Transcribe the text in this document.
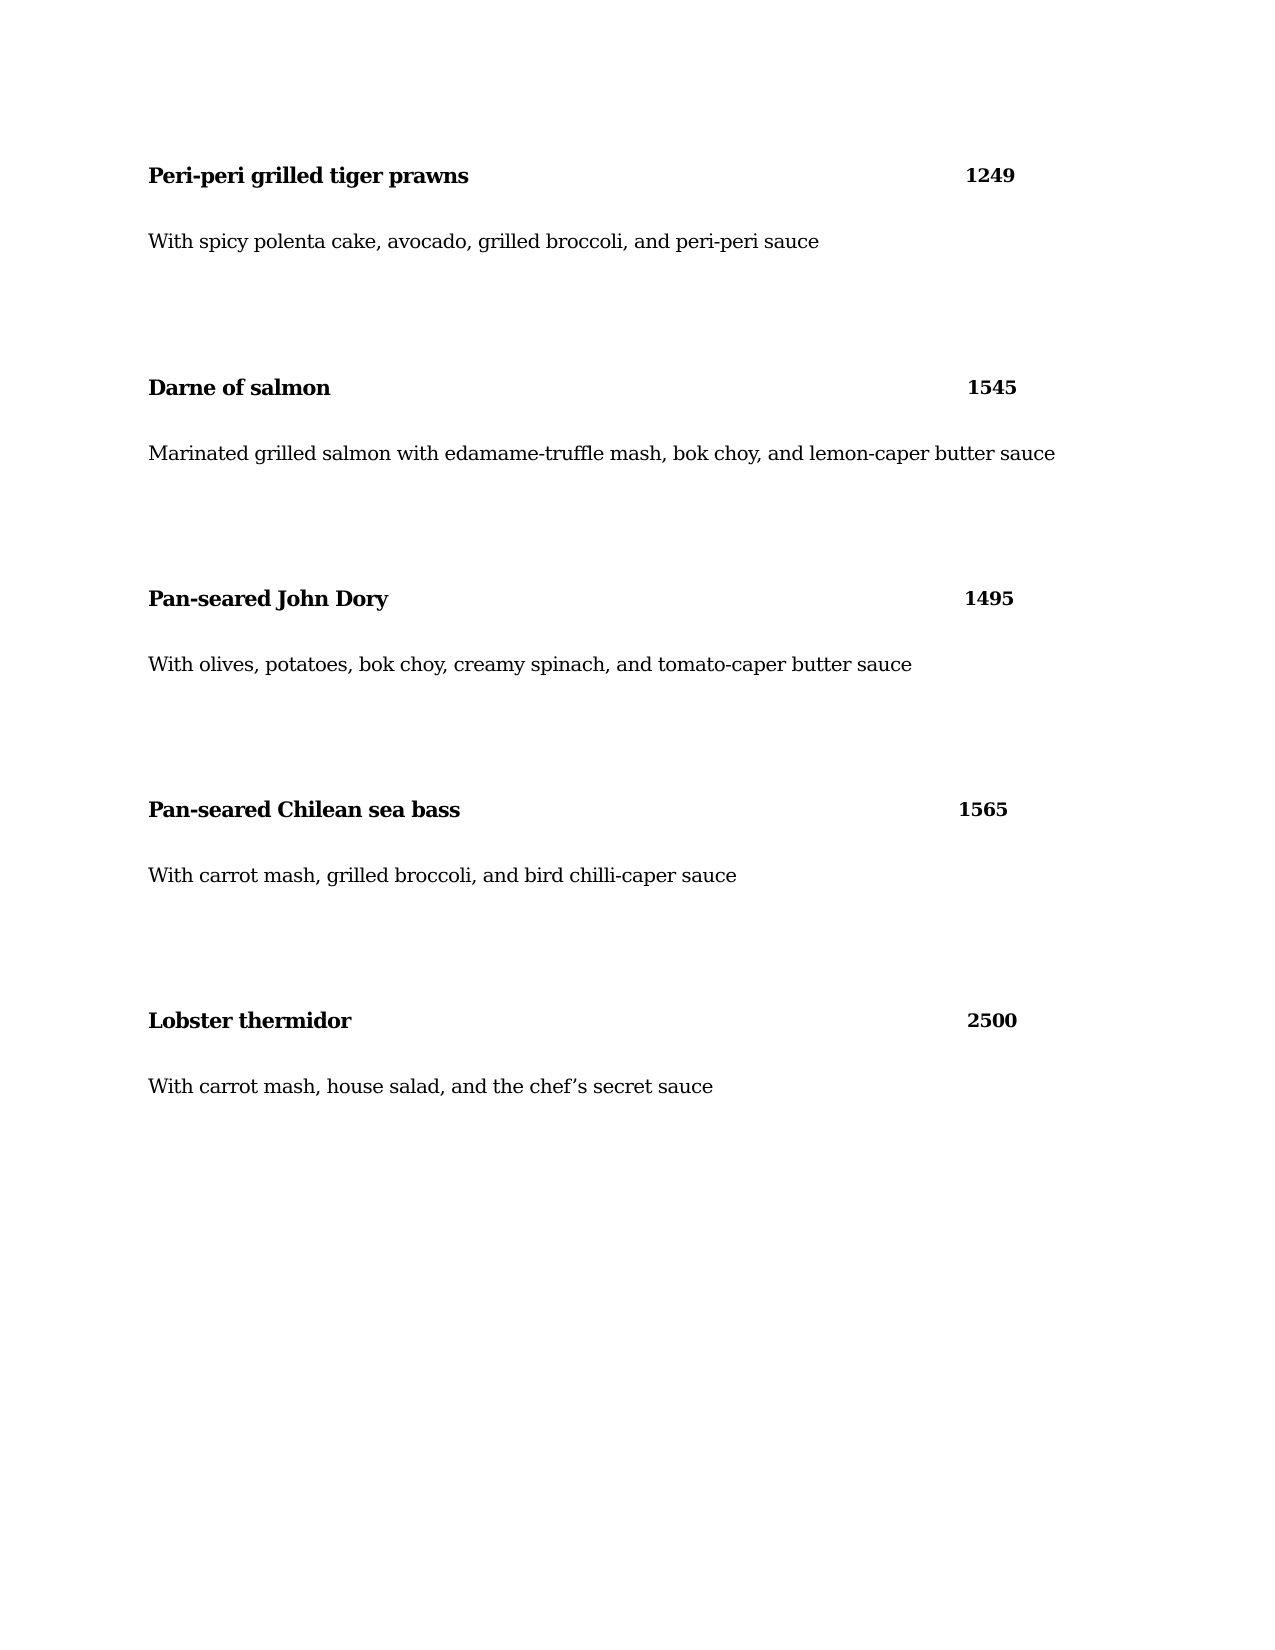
Peri-peri grilled tiger prawns	1249
With spicy polenta cake, avocado, grilled broccoli, and peri-peri sauce
Darne of salmon	1545
Marinated grilled salmon with edamame-truffle mash, bok choy, and lemon-caper butter sauce
Pan-seared John Dory	1495
With olives, potatoes, bok choy, creamy spinach, and tomato-caper butter sauce
Pan-seared Chilean sea bass	1565
With carrot mash, grilled broccoli, and bird chilli-caper sauce
Lobster thermidor	2500
With carrot mash, house salad, and the chef’s secret sauce
